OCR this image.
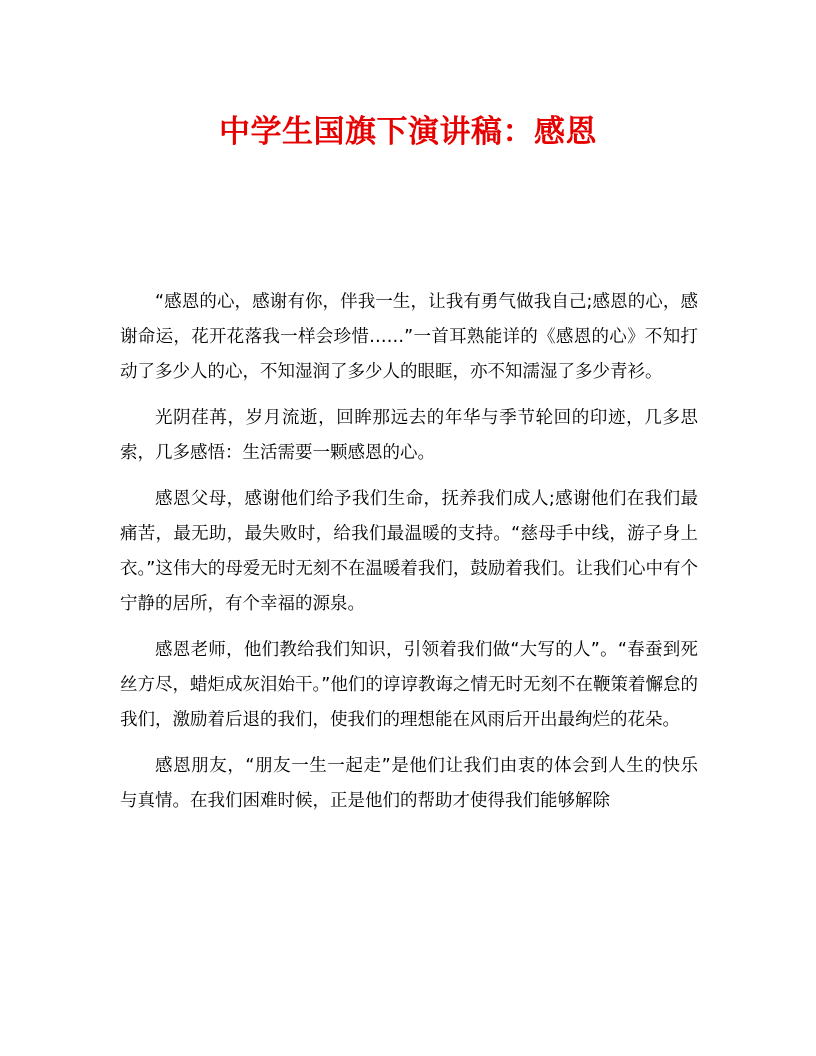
中学生国旗下演讲稿：感恩

“感恩的心，感谢有你，伴我一生，让我有勇气做我自己;感恩的心，感谢命运，花开花落我一样会珍惜……”一首耳熟能详的《感恩的心》不知打动了多少人的心，不知湿润了多少人的眼眶，亦不知濡湿了多少青衫。

光阴荏苒，岁月流逝，回眸那远去的年华与季节轮回的印迹，几多思索，几多感悟：生活需要一颗感恩的心。

感恩父母，感谢他们给予我们生命，抚养我们成人;感谢他们在我们最痛苦，最无助，最失败时，给我们最温暖的支持。“慈母手中线，游子身上衣。”这伟大的母爱无时无刻不在温暖着我们，鼓励着我们。让我们心中有个宁静的居所，有个幸福的源泉。

感恩老师，他们教给我们知识，引领着我们做“大写的人”。“春蚕到死丝方尽，蜡炬成灰泪始干。”他们的谆谆教诲之情无时无刻不在鞭策着懈怠的我们，激励着后退的我们，使我们的理想能在风雨后开出最绚烂的花朵。

感恩朋友，“朋友一生一起走”是他们让我们由衷的体会到人生的快乐与真情。在我们困难时候，正是他们的帮助才使得我们能够解除
